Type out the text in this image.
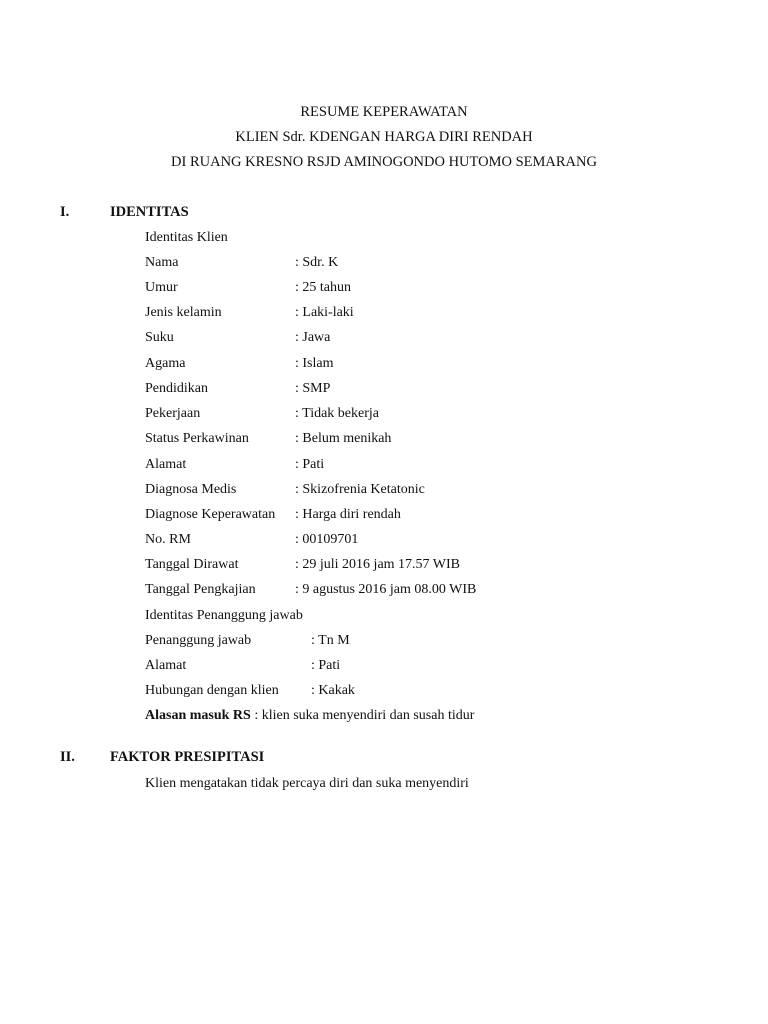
RESUME KEPERAWATAN
KLIEN Sdr. KDENGAN HARGA DIRI RENDAH
DI RUANG KRESNO RSJD AMINOGONDO HUTOMO SEMARANG
I.	IDENTITAS
Identitas Klien
Nama	: Sdr. K
Umur	: 25 tahun
Jenis kelamin	: Laki-laki
Suku	: Jawa
Agama	: Islam
Pendidikan	: SMP
Pekerjaan	: Tidak bekerja
Status Perkawinan	: Belum menikah
Alamat	: Pati
Diagnosa Medis	: Skizofrenia Ketatonic
Diagnose Keperawatan : Harga diri rendah
No. RM	: 00109701
Tanggal Dirawat	: 29 juli 2016 jam 17.57 WIB
Tanggal Pengkajian	: 9 agustus 2016 jam 08.00 WIB
Identitas Penanggung jawab
Penanggung jawab	: Tn M
Alamat	: Pati
Hubungan dengan klien : Kakak
Alasan masuk RS : klien suka menyendiri dan susah tidur
II. FAKTOR PRESIPITASI
Klien mengatakan tidak percaya diri dan suka menyendiri
